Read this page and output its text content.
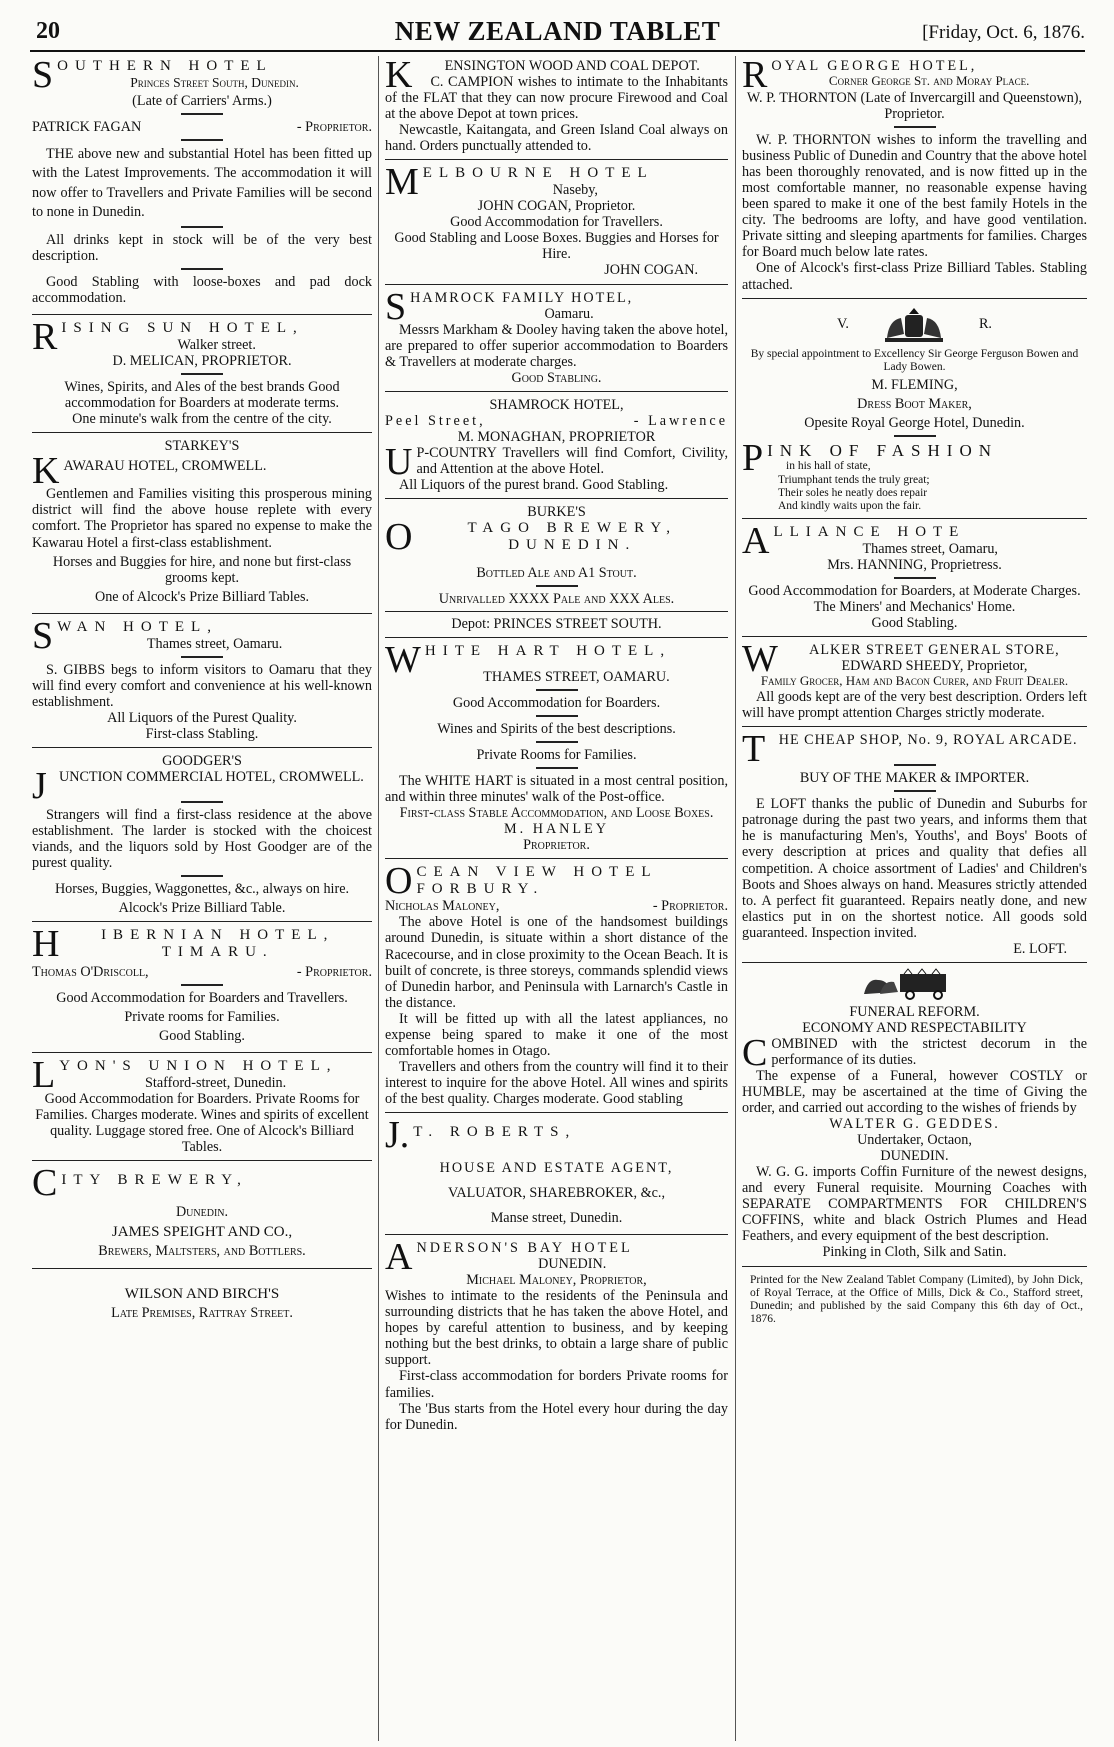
20	NEW ZEALAND TABLET	[Friday, Oct. 6, 1876.
S OUTHERN HOTEL
Princes Street South, Dunedin.
(Late of Carriers' Arms.)
PATRICK FAGAN	- Proprietor.
THE above new and substantial Hotel has been fitted up with the Latest Improvements. The accommodation it will now offer to Travellers and Private Families will be second to none in Dunedin.
All drinks kept in stock will be of the very best description.
Good Stabling with loose-boxes and pad dock accommodation.
R ISING SUN HOTEL,
Walker street.
D. MELICAN, PROPRIETOR.
Wines, Spirits, and Ales of the best brands Good accommodation for Boarders at moderate terms.
One minute's walk from the centre of the city.
STARKEY'S
K AWARAU HOTEL, CROMWELL.
Gentlemen and Families visiting this prosperous mining district will find the above house replete with every comfort. The Proprietor has spared no expense to make the Kawarau Hotel a first-class establishment.
Horses and Buggies for hire, and none but first-class grooms kept.
One of Alcock's Prize Billiard Tables.
S WAN HOTEL,
Thames street, Oamaru.
S. GIBBS begs to inform visitors to Oamaru that they will find every comfort and convenience at his well-known establishment.
All Liquors of the Purest Quality.
First-class Stabling.
GOODGER'S
J UNCTION COMMERCIAL HOTEL, CROMWELL.
Strangers will find a first-class residence at the above establishment. The larder is stocked with the choicest viands, and the liquors sold by Host Goodger are of the purest quality.
Horses, Buggies, Waggonettes, &c., always on hire.
Alcock's Prize Billiard Table.
H	IBERNIAN HOTEL, TIMARU.
Thomas O'Driscoll,	- Proprietor.
Good Accommodation for Boarders and Travellers.
Private rooms for Families.
Good Stabling.
L YON'S UNION HOTEL,
Stafford-street, Dunedin.
Good Accommodation for Boarders. Private Rooms for Families. Charges moderate. Wines and spirits of excellent quality. Luggage stored free. One of Alcock's Billiard Tables.
C ITY BREWERY,
Dunedin.
JAMES SPEIGHT AND CO.,
Brewers, Maltsters, and Bottlers.
WILSON AND BIRCH'S
Late Premises, Rattray Street.
K	ENSINGTON WOOD AND COAL DEPOT.
C. CAMPION wishes to intimate to the Inhabitants of the FLAT that they can now procure Firewood and Coal at the above Depot at town prices.
Newcastle, Kaitangata, and Green Island Coal always on hand. Orders punctually attended to.
M ELBOURNE HOTEL
Naseby,
JOHN COGAN, Proprietor.
Good Accommodation for Travellers.
Good Stabling and Loose Boxes. Buggies and Horses for Hire.
JOHN COGAN.
S HAMROCK FAMILY HOTEL,
Oamaru.
Messrs Markham & Dooley having taken the above hotel, are prepared to offer superior accommodation to Boarders & Travellers at moderate charges.
Good Stabling.
SHAMROCK HOTEL,
Peel Street,	- Lawrence
M. MONAGHAN, PROPRIETOR
U P-COUNTRY Travellers will find Comfort, Civility, and Attention at the above Hotel.
All Liquors of the purest brand. Good Stabling.
BURKE'S
O	TAGO BREWERY, DUNEDIN.
Bottled Ale and A1 Stout.
Unrivalled XXXX Pale and XXX Ales.
Depot: PRINCES STREET SOUTH.
W HITE HART HOTEL,
THAMES STREET, OAMARU.
Good Accommodation for Boarders.
Wines and Spirits of the best descriptions.
Private Rooms for Families.
The WHITE HART is situated in a most central position, and within three minutes' walk of the Post-office.
First-class Stable Accommodation, and Loose Boxes.
M. HANLEY
Proprietor.
O CEAN VIEW HOTEL FORBURY.
Nicholas Maloney,	- Proprietor.
The above Hotel is one of the handsomest buildings around Dunedin, is situate within a short distance of the Racecourse, and in close proximity to the Ocean Beach. It is built of concrete, is three storeys, commands splendid views of Dunedin harbor, and Peninsula with Larnarch's Castle in the distance.
It will be fitted up with all the latest appliances, no expense being spared to make it one of the most comfortable homes in Otago.
Travellers and others from the country will find it to their interest to inquire for the above Hotel. All wines and spirits of the best quality. Charges moderate. Good stabling
J. T. ROBERTS,
HOUSE AND ESTATE AGENT,
VALUATOR, SHAREBROKER, &c.,
Manse street, Dunedin.
A NDERSON'S BAY HOTEL
DUNEDIN.
Michael Maloney, Proprietor,
Wishes to intimate to the residents of the Peninsula and surrounding districts that he has taken the above Hotel, and hopes by careful attention to business, and by keeping nothing but the best drinks, to obtain a large share of public support.
First-class accommodation for borders Private rooms for families.
The 'Bus starts from the Hotel every hour during the day for Dunedin.
R OYAL GEORGE HOTEL,
Corner George St. and Moray Place.
W. P. THORNTON (Late of Invercargill and Queenstown), Proprietor.
W. P. THORNTON wishes to inform the travelling and business Public of Dunedin and Country that the above hotel has been thoroughly renovated, and is now fitted up in the most comfortable manner, no reasonable expense having been spared to make it one of the best family Hotels in the city. The bedrooms are lofty, and have good ventilation. Private sitting and sleeping apartments for families. Charges for Board much below late rates.
One of Alcock's first-class Prize Billiard Tables. Stabling attached.
V.	R.
By special appointment to Excellency Sir George Ferguson Bowen and Lady Bowen.
M. FLEMING,
Dress Boot Maker,
Opesite Royal George Hotel, Dunedin.
P INK OF FASHION
in his hall of state,
Triumphant tends the truly great;
Their soles he neatly does repair
And kindly waits upon the fair.
A LLIANCE HOTE
Thames street, Oamaru,
Mrs. HANNING, Proprietress.
Good Accommodation for Boarders, at Moderate Charges.
The Miners' and Mechanics' Home.
Good Stabling.
W	ALKER STREET GENERAL STORE,
EDWARD SHEEDY, Proprietor,
Family Grocer, Ham and Bacon Curer, and Fruit Dealer.
All goods kept are of the very best description. Orders left will have prompt attention Charges strictly moderate.
T HE CHEAP SHOP, No. 9, ROYAL ARCADE.
BUY OF THE MAKER & IMPORTER.
E LOFT thanks the public of Dunedin and Suburbs for patronage during the past two years, and informs them that he is manufacturing Men's, Youths', and Boys' Boots of every description at prices and quality that defies all competition. A choice assortment of Ladies' and Children's Boots and Shoes always on hand. Measures strictly attended to. A perfect fit guaranteed. Repairs neatly done, and new elastics put in on the shortest notice. All goods sold guaranteed. Inspection invited.
E. LOFT.
FUNERAL REFORM.
ECONOMY AND RESPECTABILITY
C OMBINED with the strictest decorum in the performance of its duties.
The expense of a Funeral, however COSTLY or HUMBLE, may be ascertained at the time of Giving the order, and carried out according to the wishes of friends by
WALTER G. GEDDES.
Undertaker, Octaon,
DUNEDIN.
W. G. G. imports Coffin Furniture of the newest designs, and every Funeral requisite. Mourning Coaches with SEPARATE COMPARTMENTS FOR CHILDREN'S COFFINS, white and black Ostrich Plumes and Head Feathers, and every equipment of the best description.
Pinking in Cloth, Silk and Satin.
Printed for the New Zealand Tablet Company (Limited), by John Dick, of Royal Terrace, at the Office of Mills, Dick & Co., Stafford street, Dunedin; and published by the said Company this 6th day of Oct., 1876.
